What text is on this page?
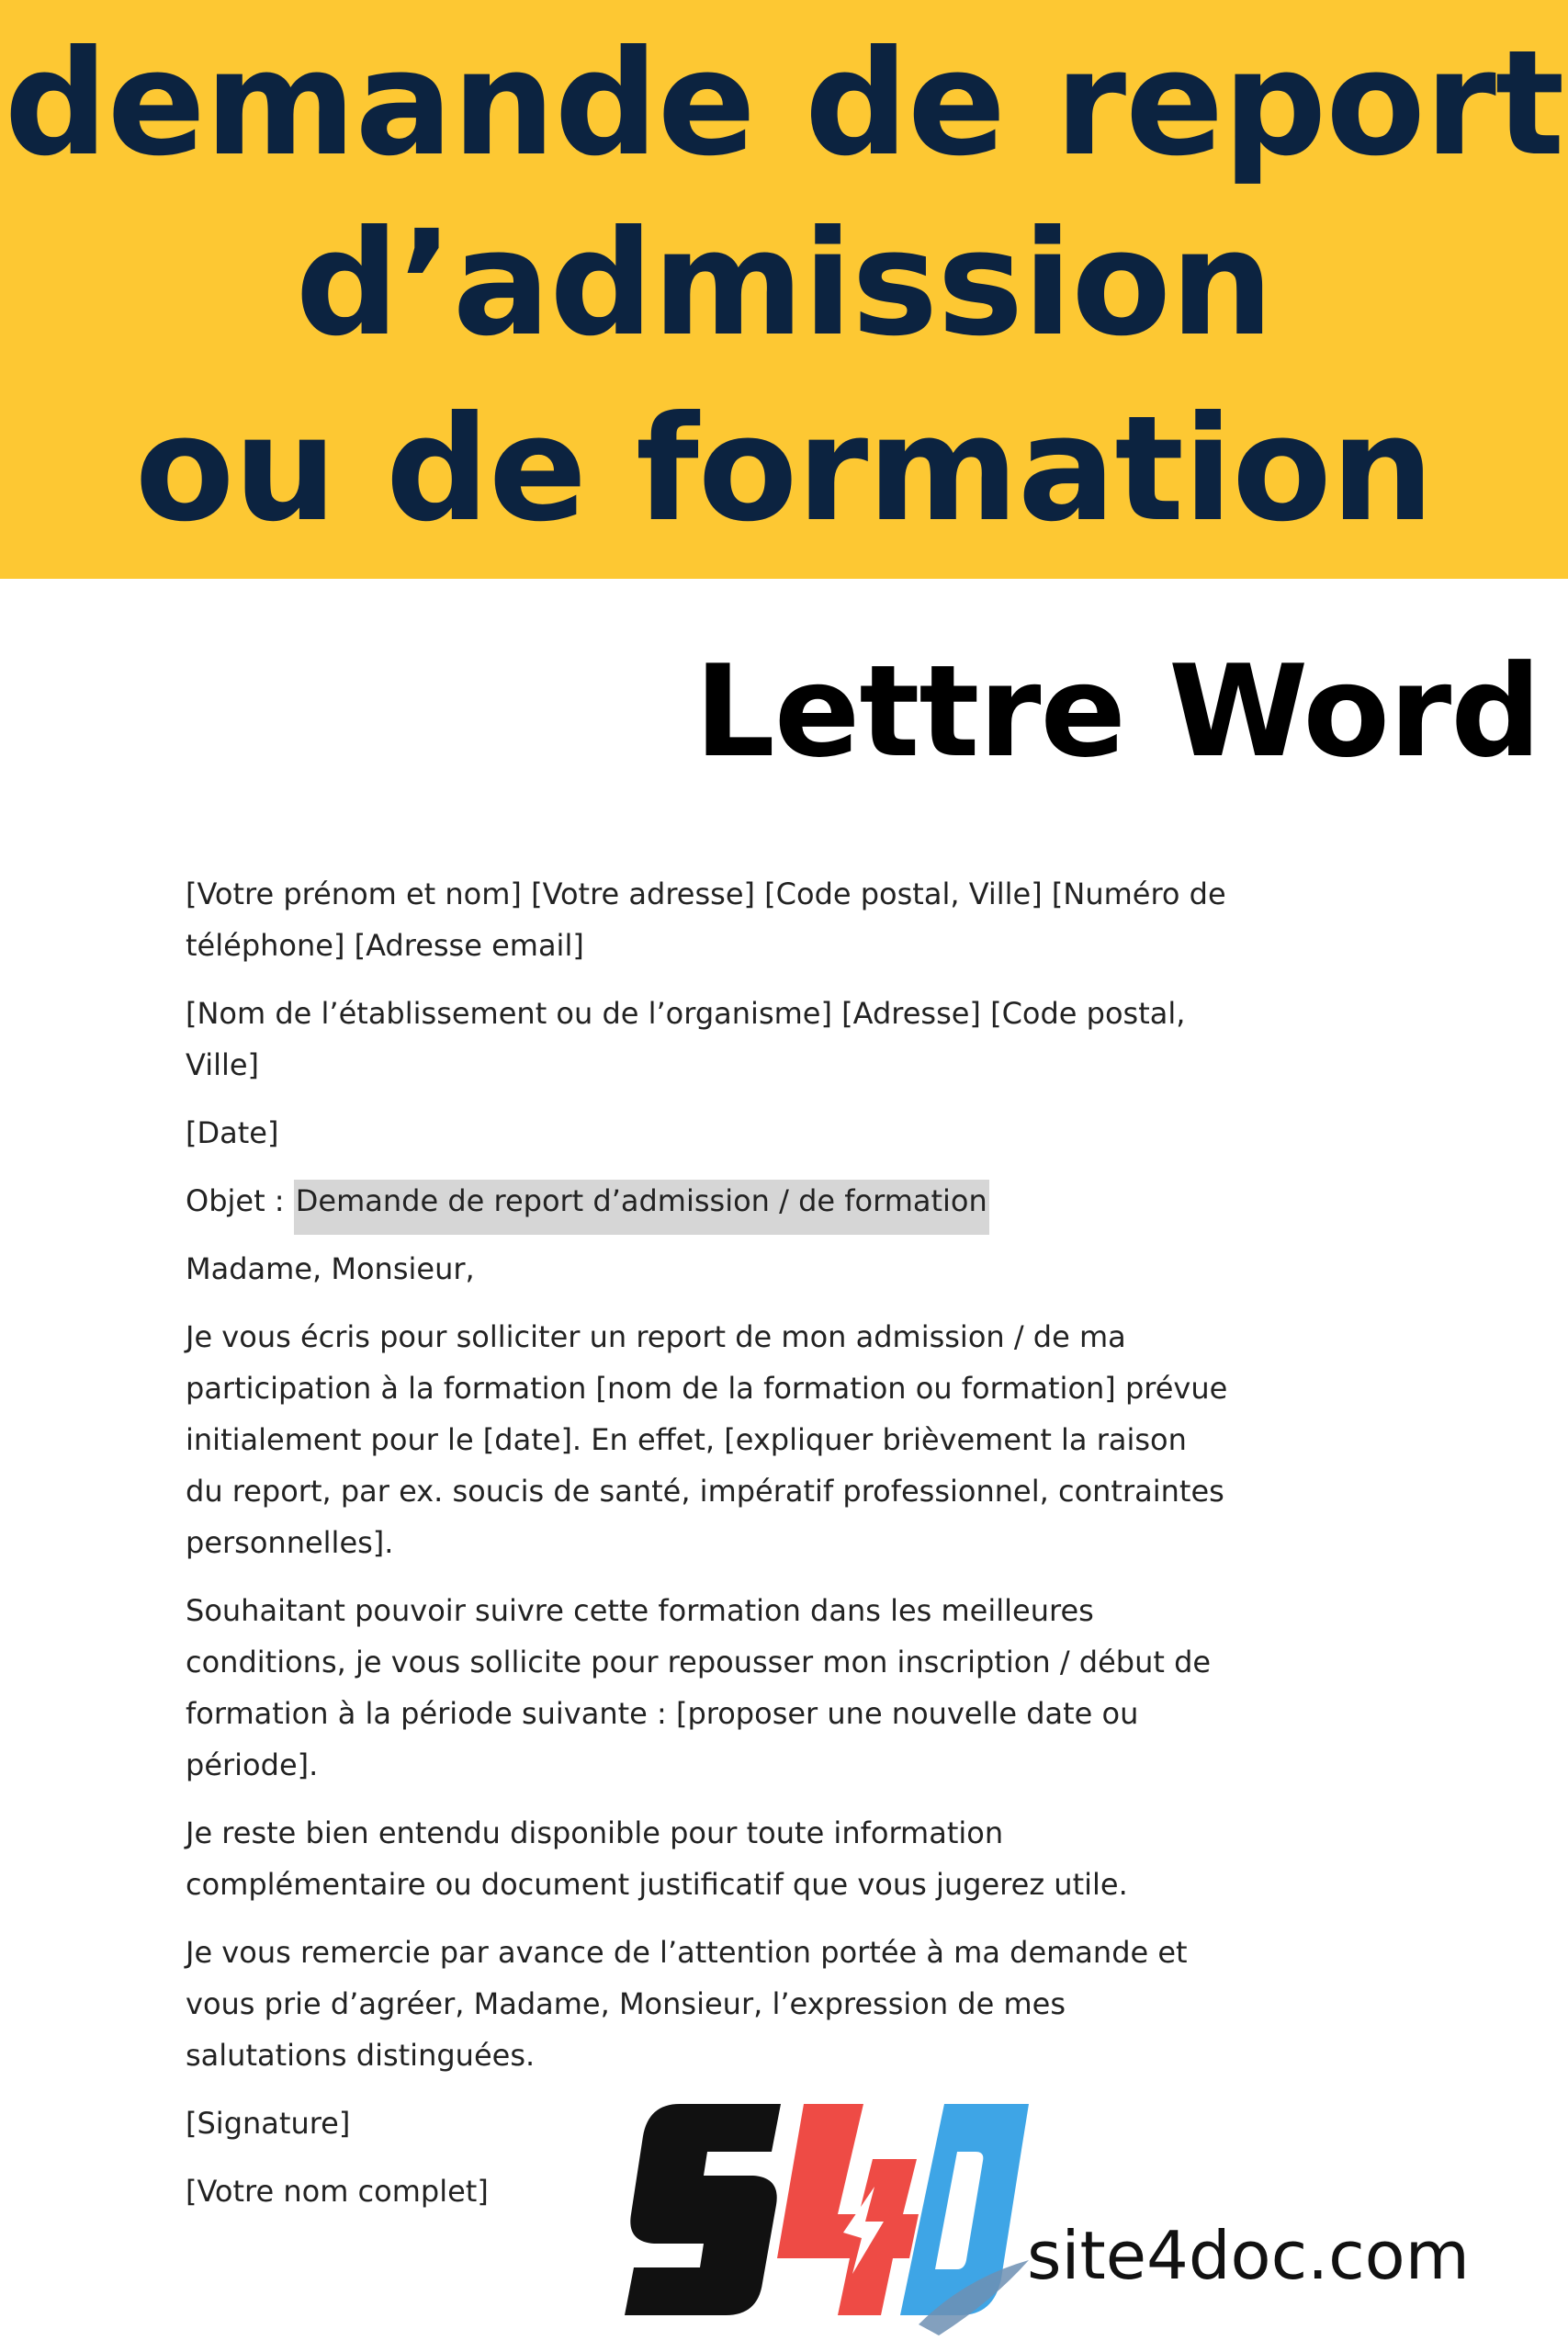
demande de report
d’admission
ou de formation
Lettre Word

[Votre prénom et nom] [Votre adresse] [Code postal, Ville] [Numéro de téléphone] [Adresse email]

[Nom de l’établissement ou de l’organisme] [Adresse] [Code postal, Ville]

[Date]

Objet : Demande de report d’admission / de formation

Madame, Monsieur,

Je vous écris pour solliciter un report de mon admission / de ma participation à la formation [nom de la formation ou formation] prévue initialement pour le [date]. En effet, [expliquer brièvement la raison du report, par ex. soucis de santé, impératif professionnel, contraintes personnelles].

Souhaitant pouvoir suivre cette formation dans les meilleures conditions, je vous sollicite pour repousser mon inscription / début de formation à la période suivante : [proposer une nouvelle date ou période].

Je reste bien entendu disponible pour toute information complémentaire ou document justificatif que vous jugerez utile.

Je vous remercie par avance de l’attention portée à ma demande et vous prie d’agréer, Madame, Monsieur, l’expression de mes salutations distinguées.

[Signature]

[Votre nom complet]

site4doc.com
